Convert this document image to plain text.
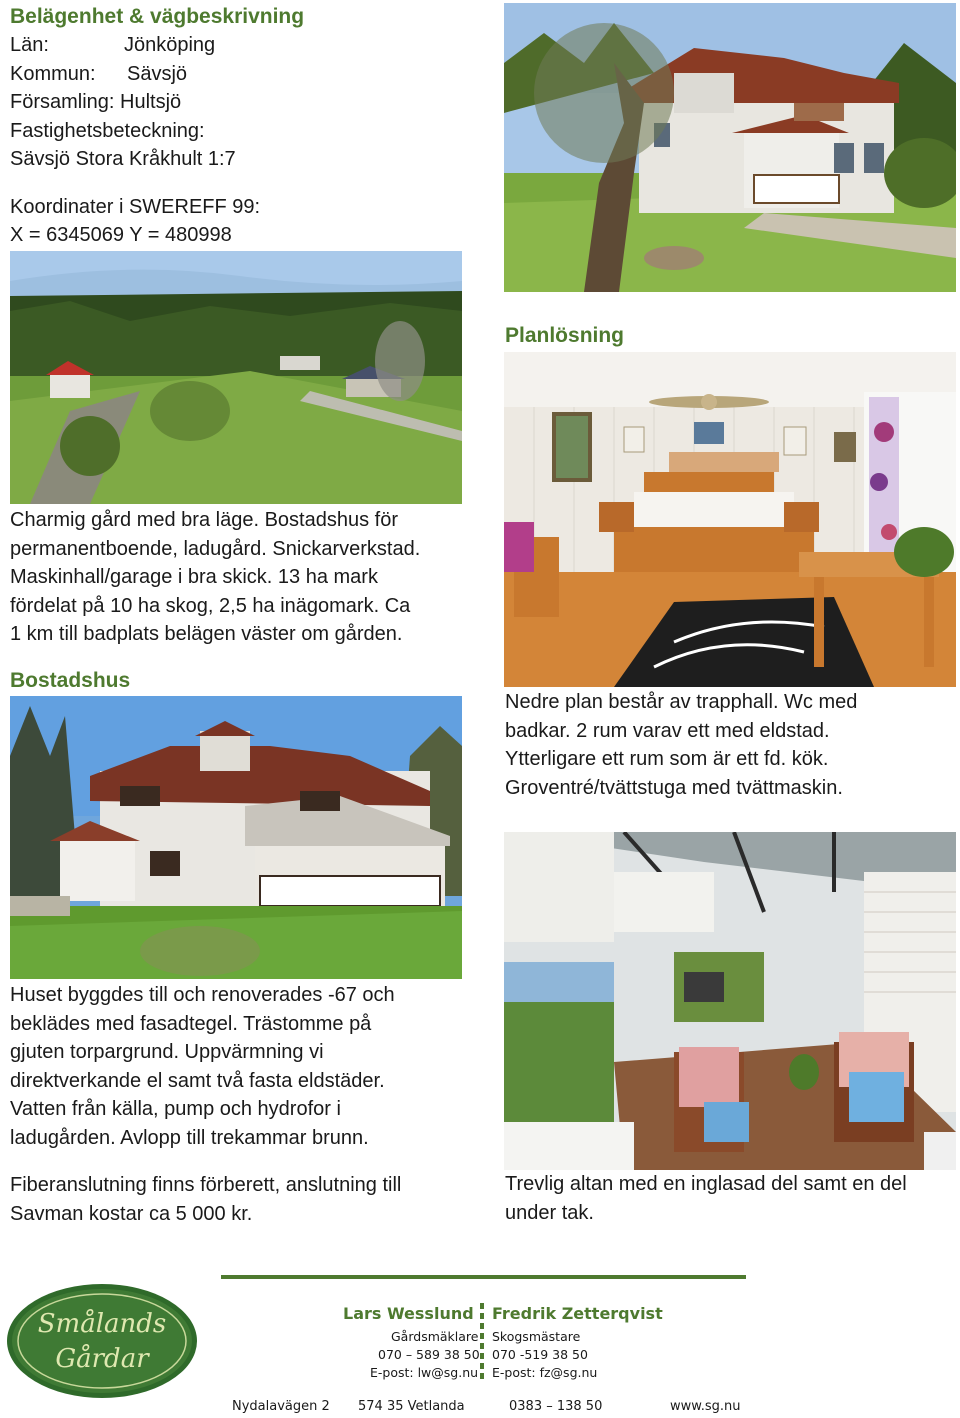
Belägenhet & vägbeskrivning
Län:	Jönköping
Kommun: Sävsjö
Församling: Hultsjö
Fastighetsbeteckning:
Sävsjö Stora Kråkhult 1:7
Koordinater i SWEREFF 99:
X = 6345069 Y = 480998
Planlösning
Charmig gård med bra läge. Bostadshus för
permanentboende, ladugård. Snickarverkstad.
Maskinhall/garage i bra skick. 13 ha mark
fördelat på 10 ha skog, 2,5 ha inägomark. Ca
1 km till badplats belägen väster om gården.
Bostadshus
Nedre plan består av trapphall. Wc med
badkar. 2 rum varav ett med eldstad.
Ytterligare ett rum som är ett fd. kök.
Groventré/tvättstuga med tvättmaskin.
Huset byggdes till och renoverades -67 och
beklädes med fasadtegel. Trästomme på
gjuten torpargrund. Uppvärmning vi
direktverkande el samt två fasta eldstäder.
Vatten från källa, pump och hydrofor i
ladugården. Avlopp till trekammar brunn.
Fiberanslutning finns förberett, anslutning till
Savman kostar ca 5 000 kr.
Trevlig altan med en inglasad del samt en del
under tak.
Smålands
Gårdar
Lars Wesslund
Gårdsmäklare
070 – 589 38 50
E-post: lw@sg.nu
Fredrik Zetterqvist
Skogsmästare
070 -519 38 50
E-post: fz@sg.nu
Nydalavägen 2 574 35 Vetlanda	0383 – 138 50	www.sg.nu
